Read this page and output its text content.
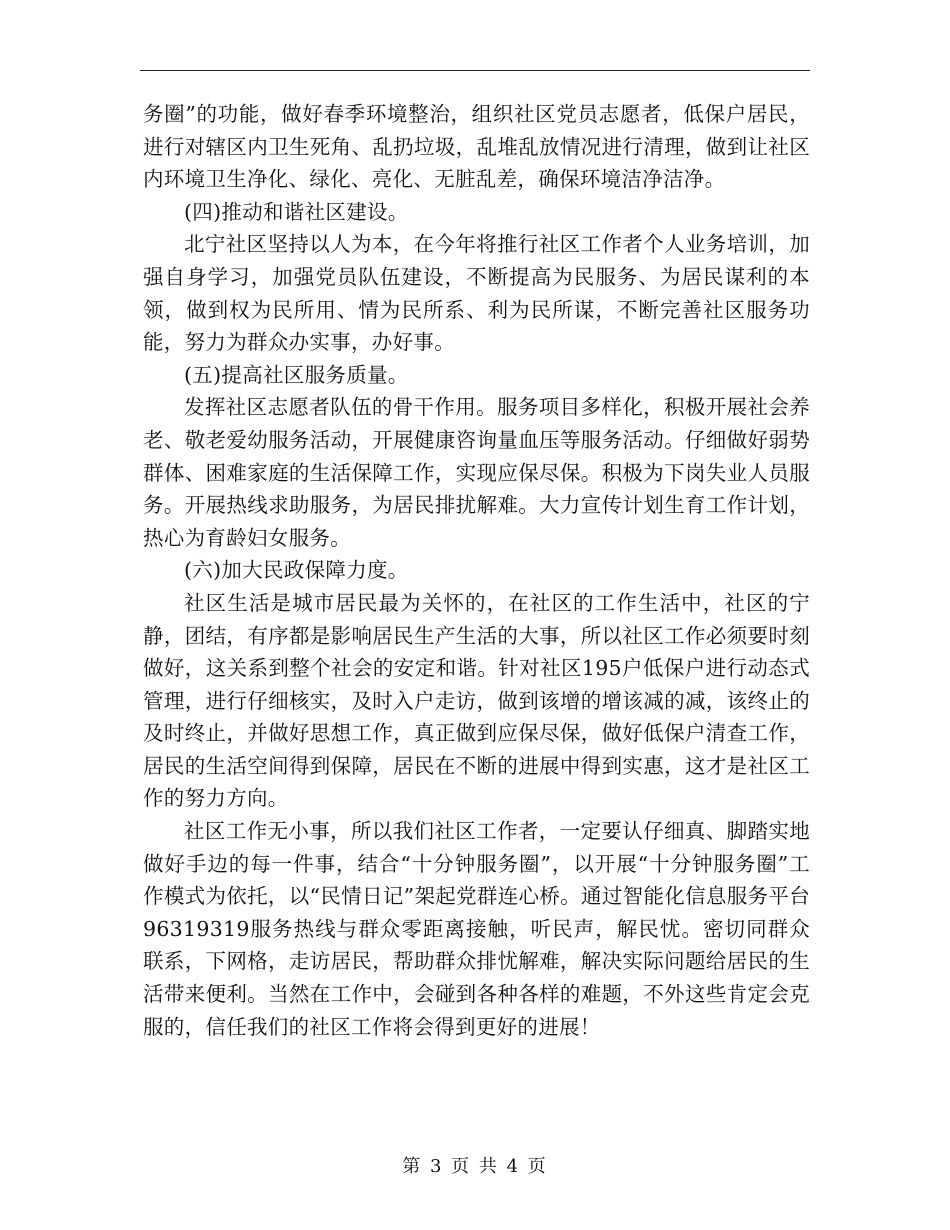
务圈”的功能，做好春季环境整治，组织社区党员志愿者，低保户居民，进行对辖区内卫生死角、乱扔垃圾，乱堆乱放情况进行清理，做到让社区内环境卫生净化、绿化、亮化、无脏乱差，确保环境洁净洁净。

(四)推动和谐社区建设。

北宁社区坚持以人为本，在今年将推行社区工作者个人业务培训，加强自身学习，加强党员队伍建设，不断提高为民服务、为居民谋利的本领，做到权为民所用、情为民所系、利为民所谋，不断完善社区服务功能，努力为群众办实事，办好事。

(五)提高社区服务质量。

发挥社区志愿者队伍的骨干作用。服务项目多样化，积极开展社会养老、敬老爱幼服务活动，开展健康咨询量血压等服务活动。仔细做好弱势群体、困难家庭的生活保障工作，实现应保尽保。积极为下岗失业人员服务。开展热线求助服务，为居民排扰解难。大力宣传计划生育工作计划，热心为育龄妇女服务。

(六)加大民政保障力度。

社区生活是城市居民最为关怀的，在社区的工作生活中，社区的宁静，团结，有序都是影响居民生产生活的大事，所以社区工作必须要时刻做好，这关系到整个社会的安定和谐。针对社区195户低保户进行动态式管理，进行仔细核实，及时入户走访，做到该增的增该减的减，该终止的及时终止，并做好思想工作，真正做到应保尽保，做好低保户清查工作，居民的生活空间得到保障，居民在不断的进展中得到实惠，这才是社区工作的努力方向。

社区工作无小事，所以我们社区工作者，一定要认仔细真、脚踏实地做好手边的每一件事，结合“十分钟服务圈”，以开展“十分钟服务圈”工作模式为依托，以“民情日记”架起党群连心桥。通过智能化信息服务平台96319319服务热线与群众零距离接触，听民声，解民忧。密切同群众联系，下网格，走访居民，帮助群众排忧解难，解决实际问题给居民的生活带来便利。当然在工作中，会碰到各种各样的难题，不外这些肯定会克服的，信任我们的社区工作将会得到更好的进展！

第 3 页 共 4 页
